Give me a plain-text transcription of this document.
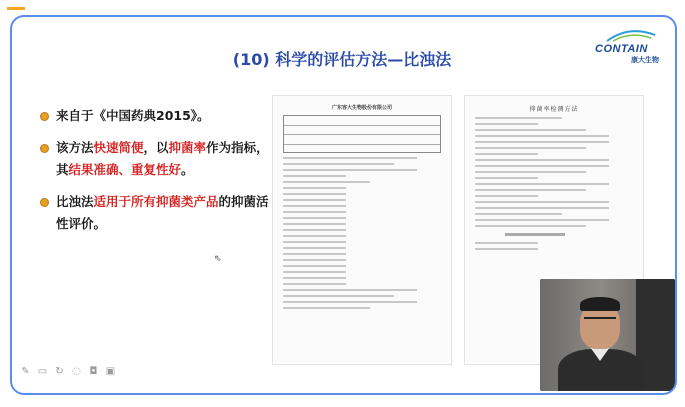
CONTAIN
康大生物
(10) 科学的评估方法—比浊法
来自于《中国药典2015》。
该方法快速简便，以抑菌率作为指标，其结果准确、重复性好。
比浊法适用于所有抑菌类产品的抑菌活性评价。
广东容大生物股份有限公司	抑菌率检测方法
⇖
✎ ▭ ↻ ◌ ◘ ▣
